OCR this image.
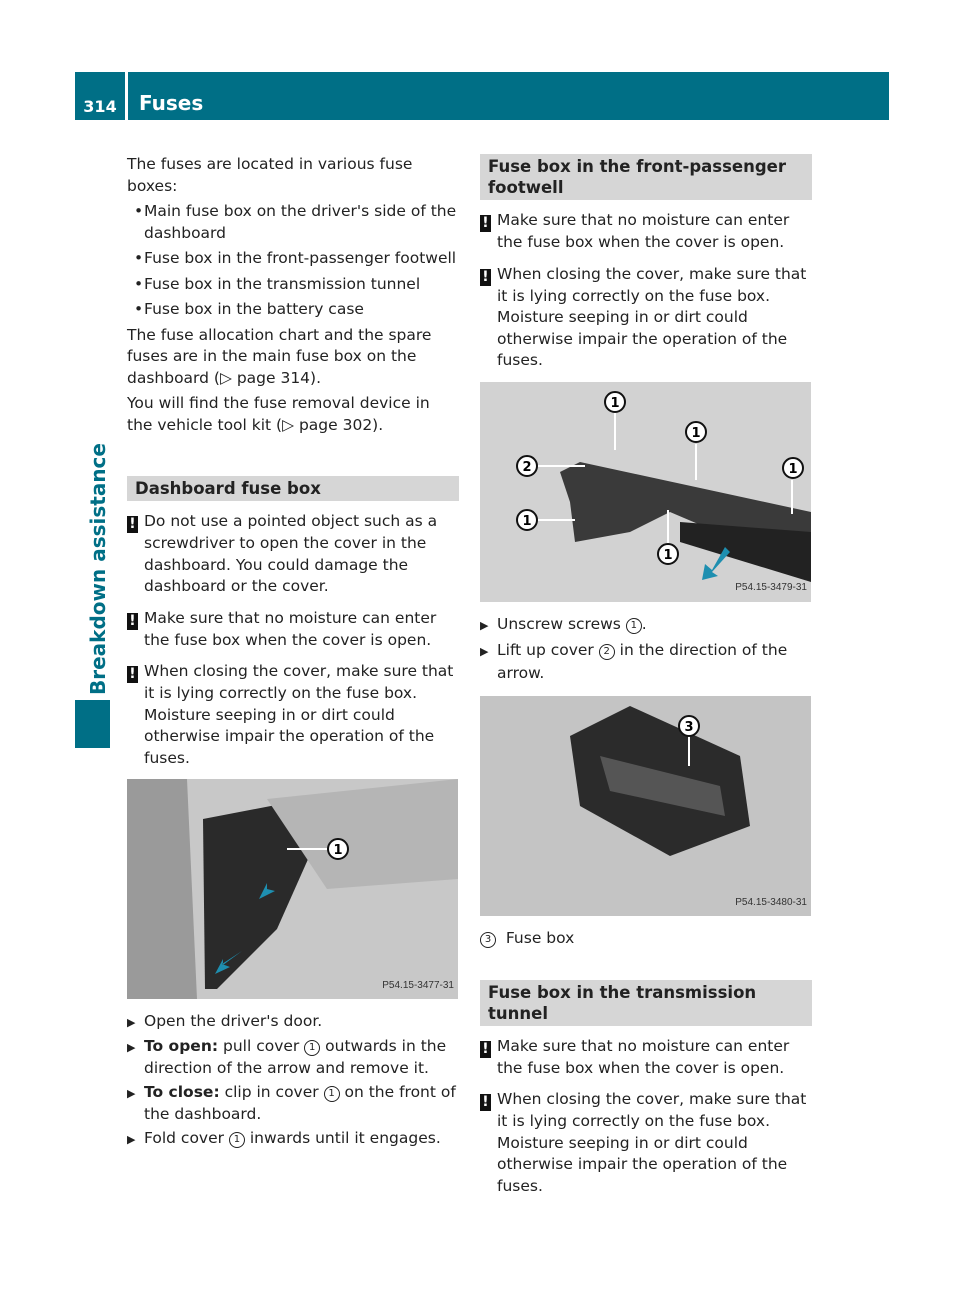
314	Fuses
Breakdown assistance

The fuses are located in various fuse boxes:

• Main fuse box on the driver's side of the dashboard
• Fuse box in the front-passenger footwell
• Fuse box in the transmission tunnel
• Fuse box in the battery case

The fuse allocation chart and the spare fuses are in the main fuse box on the dashboard (▷ page 314).

You will find the fuse removal device in the vehicle tool kit (▷ page 302).

Dashboard fuse box
! Do not use a pointed object such as a screwdriver to open the cover in the dashboard. You could damage the dashboard or the cover.
! Make sure that no moisture can enter the fuse box when the cover is open.
! When closing the cover, make sure that it is lying correctly on the fuse box. Moisture seeping in or dirt could otherwise impair the operation of the fuses.
1
P54.15-3477-31
▶ Open the driver's door.
▶ To open: pull cover 1 outwards in the direction of the arrow and remove it.
▶ To close: clip in cover 1 on the front of the dashboard.
▶ Fold cover 1 inwards until it engages.
Fuse box in the front-passenger footwell
! Make sure that no moisture can enter the fuse box when the cover is open.
! When closing the cover, make sure that it is lying correctly on the fuse box. Moisture seeping in or dirt could otherwise impair the operation of the fuses.
1
1
1
2
1
1
P54.15-3479-31
▶ Unscrew screws 1 .
▶ Lift up cover 2 in the direction of the arrow.
3
P54.15-3480-31
3 Fuse box
Fuse box in the transmission tunnel
! Make sure that no moisture can enter the fuse box when the cover is open.
! When closing the cover, make sure that it is lying correctly on the fuse box. Moisture seeping in or dirt could otherwise impair the operation of the fuses.
